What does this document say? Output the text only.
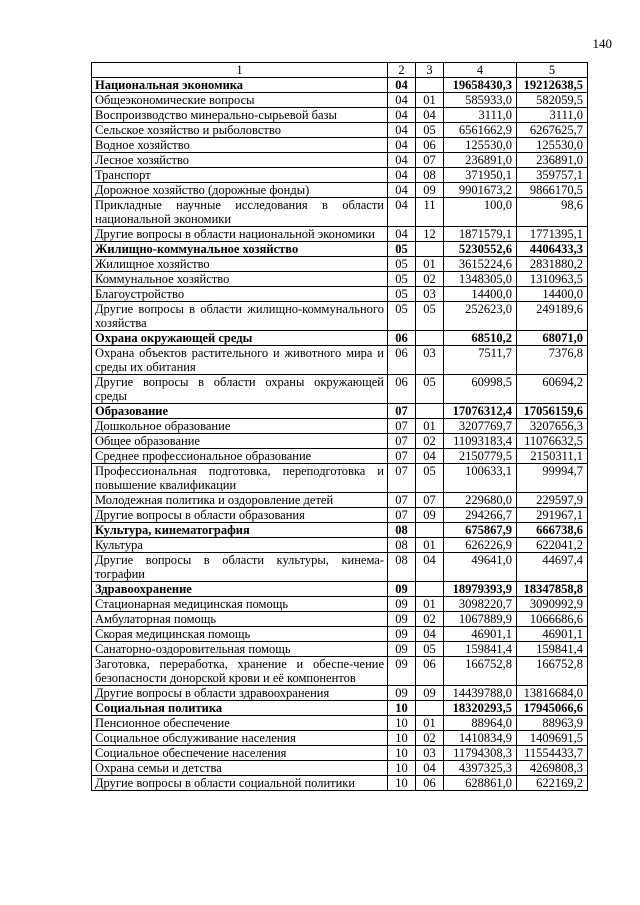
140
1	2	3	4	5
Национальная экономика	04		19658430,3	19212638,5
Общеэкономические вопросы	04	01	585933,0	582059,5
Воспроизводство минерально-сырьевой базы	04	04	3111,0	3111,0
Сельское хозяйство и рыболовство	04	05	6561662,9	6267625,7
Водное хозяйство	04	06	125530,0	125530,0
Лесное хозяйство	04	07	236891,0	236891,0
Транспорт	04	08	371950,1	359757,1
Дорожное хозяйство (дорожные фонды)	04	09	9901673,2	9866170,5
Прикладные научные исследования в области национальной экономики	04	11	100,0	98,6
Другие вопросы в области национальной экономики	04	12	1871579,1	1771395,1
Жилищно-коммунальное хозяйство	05		5230552,6	4406433,3
Жилищное хозяйство	05	01	3615224,6	2831880,2
Коммунальное хозяйство	05	02	1348305,0	1310963,5
Благоустройство	05	03	14400,0	14400,0
Другие вопросы в области жилищно-коммунального хозяйства	05	05	252623,0	249189,6
Охрана окружающей среды	06		68510,2	68071,0
Охрана объектов растительного и животного мира и среды их обитания	06	03	7511,7	7376,8
Другие вопросы в области охраны окружающей среды	06	05	60998,5	60694,2
Образование	07		17076312,4	17056159,6
Дошкольное образование	07	01	3207769,7	3207656,3
Общее образование	07	02	11093183,4	11076632,5
Среднее профессиональное образование	07	04	2150779,5	2150311,1
Профессиональная подготовка, переподготовка и повышение квалификации	07	05	100633,1	99994,7
Молодежная политика и оздоровление детей	07	07	229680,0	229597,9
Другие вопросы в области образования	07	09	294266,7	291967,1
Культура, кинематография	08		675867,9	666738,6
Культура	08	01	626226,9	622041,2
Другие вопросы в области культуры, кинема-тографии	08	04	49641,0	44697,4
Здравоохранение	09		18979393,9	18347858,8
Стационарная медицинская помощь	09	01	3098220,7	3090992,9
Амбулаторная помощь	09	02	1067889,9	1066686,6
Скорая медицинская помощь	09	04	46901,1	46901,1
Санаторно-оздоровительная помощь	09	05	159841,4	159841,4
Заготовка, переработка, хранение и обеспе-чение безопасности донорской крови и её компонентов	09	06	166752,8	166752,8
Другие вопросы в области здравоохранения	09	09	14439788,0	13816684,0
Социальная политика	10		18320293,5	17945066,6
Пенсионное обеспечение	10	01	88964,0	88963,9
Социальное обслуживание населения	10	02	1410834,9	1409691,5
Социальное обеспечение населения	10	03	11794308,3	11554433,7
Охрана семьи и детства	10	04	4397325,3	4269808,3
Другие вопросы в области социальной политики	10	06	628861,0	622169,2
